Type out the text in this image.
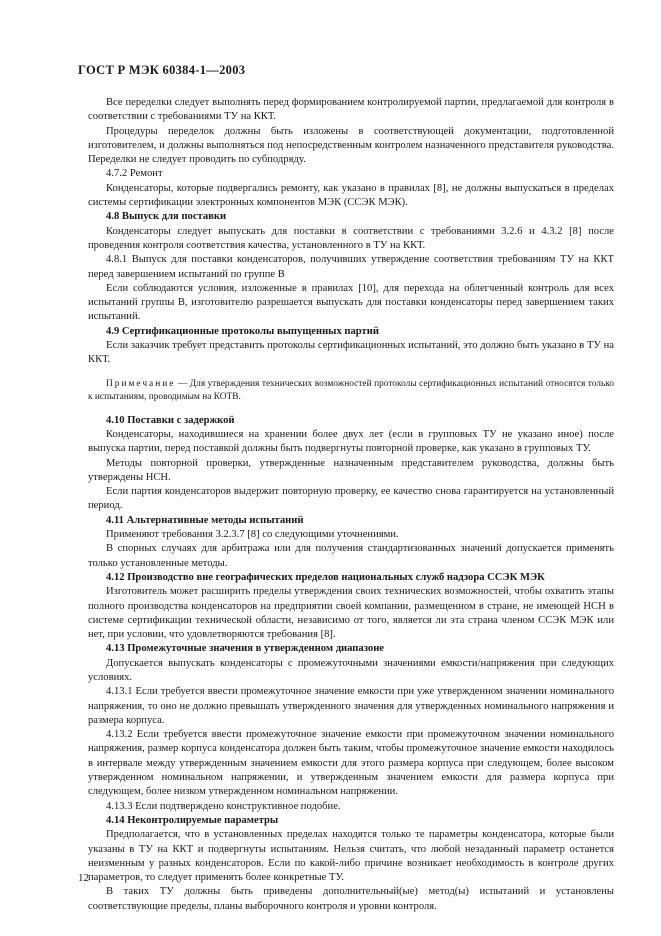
ГОСТ Р МЭК 60384-1—2003

Все переделки следует выполнять перед формированием контролируемой партии, предлагаемой для контроля в соответствии с требованиями ТУ на ККТ.

Процедуры переделок должны быть изложены в соответствующей документации, подготовленной изготовителем, и должны выполняться под непосредственным контролем назначенного представителя руководства. Переделки не следует проводить по субподряду.

4.7.2 Ремонт

Конденсаторы, которые подвергались ремонту, как указано в правилах [8], не должны выпускаться в пределах системы сертификации электронных компонентов МЭК (ССЭК МЭК).

4.8 Выпуск для поставки

Конденсаторы следует выпускать для поставки в соответствии с требованиями 3.2.6 и 4.3.2 [8] после проведения контроля соответствия качества, установленного в ТУ на ККТ.

4.8.1 Выпуск для поставки конденсаторов, получивших утверждение соответствия требованиям ТУ на ККТ перед завершением испытаний по группе В

Если соблюдаются условия, изложенные в правилах [10], для перехода на облегченный контроль для всех испытаний группы В, изготовителю разрешается выпускать для поставки конденсаторы перед завершением таких испытаний.

4.9 Сертификационные протоколы выпущенных партий

Если заказчик требует представить протоколы сертификационных испытаний, это должно быть указано в ТУ на ККТ.

Примечание — Для утверждения технических возможностей протоколы сертификационных испытаний относятся только к испытаниям, проводимым на КОТВ.

4.10 Поставки с задержкой

Конденсаторы, находившиеся на хранении более двух лет (если в групповых ТУ не указано иное) после выпуска партии, перед поставкой должны быть подвергнуты повторной проверке, как указано в групповых ТУ.

Методы повторной проверки, утвержденные назначенным представителем руководства, должны быть утверждены НСН.

Если партия конденсаторов выдержит повторную проверку, ее качество снова гарантируется на установленный период.

4.11 Альтернативные методы испытаний

Применяют требования 3.2.3.7 [8] со следующими уточнениями.

В спорных случаях для арбитража или для получения стандартизованных значений допускается применять только установленные методы.

4.12 Производство вне географических пределов национальных служб надзора ССЭК МЭК

Изготовитель может расширить пределы утверждения своих технических возможностей, чтобы охватить этапы полного производства конденсаторов на предприятии своей компании, размещенном в стране, не имеющей НСН в системе сертификации технической области, независимо от того, является ли эта страна членом ССЭК МЭК или нет, при условии, что удовлетворяются требования [8].

4.13 Промежуточные значения в утвержденном диапазоне

Допускается выпускать конденсаторы с промежуточными значениями емкости/напряжения при следующих условиях.

4.13.1 Если требуется ввести промежуточное значение емкости при уже утвержденном значении номинального напряжения, то оно не должно превышать утвержденного значения для утвержденных номинального напряжения и размера корпуса.

4.13.2 Если требуется ввести промежуточное значение емкости при промежуточном значении номинального напряжения, размер корпуса конденсатора должен быть таким, чтобы промежуточное значение емкости находилось в интервале между утвержденным значением емкости для этого размера корпуса при следующем, более высоком утвержденном номинальном напряжении, и утвержденным значением емкости для размера корпуса при следующем, более низком утвержденном номинальном напряжении.

4.13.3 Если подтверждено конструктивное подобие.

4.14 Неконтролируемые параметры

Предполагается, что в установленных пределах находятся только те параметры конденсатора, которые были указаны в ТУ на ККТ и подвергнуты испытаниям. Нельзя считать, что любой незаданный параметр останется неизменным у разных конденсаторов. Если по какой-либо причине возникает необходимость в контроле других параметров, то следует применять более конкретные ТУ.

В таких ТУ должны быть приведены дополнительный(ые) метод(ы) испытаний и установлены соответствующие пределы, планы выборочного контроля и уровни контроля.

12
